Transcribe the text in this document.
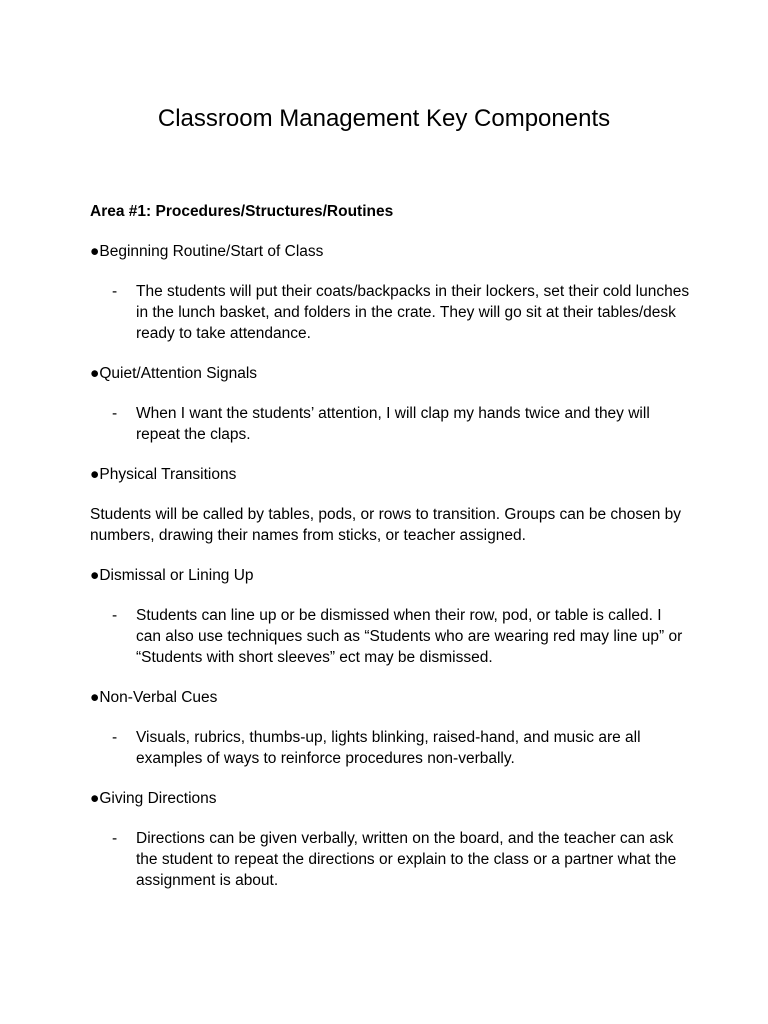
Classroom Management Key Components

Area #1: Procedures/Structures/Routines

●Beginning Routine/Start of Class

- The students will put their coats/backpacks in their lockers, set their cold lunches in the lunch basket, and folders in the crate. They will go sit at their tables/desk ready to take attendance.

●Quiet/Attention Signals

- When I want the students’ attention, I will clap my hands twice and they will repeat the claps.

●Physical Transitions

Students will be called by tables, pods, or rows to transition. Groups can be chosen by numbers, drawing their names from sticks, or teacher assigned.

●Dismissal or Lining Up

- Students can line up or be dismissed when their row, pod, or table is called. I can also use techniques such as “Students who are wearing red may line up” or “Students with short sleeves” ect may be dismissed.

●Non-Verbal Cues

- Visuals, rubrics, thumbs-up, lights blinking, raised-hand, and music are all examples of ways to reinforce procedures non-verbally.

●Giving Directions

- Directions can be given verbally, written on the board, and the teacher can ask the student to repeat the directions or explain to the class or a partner what the assignment is about.
